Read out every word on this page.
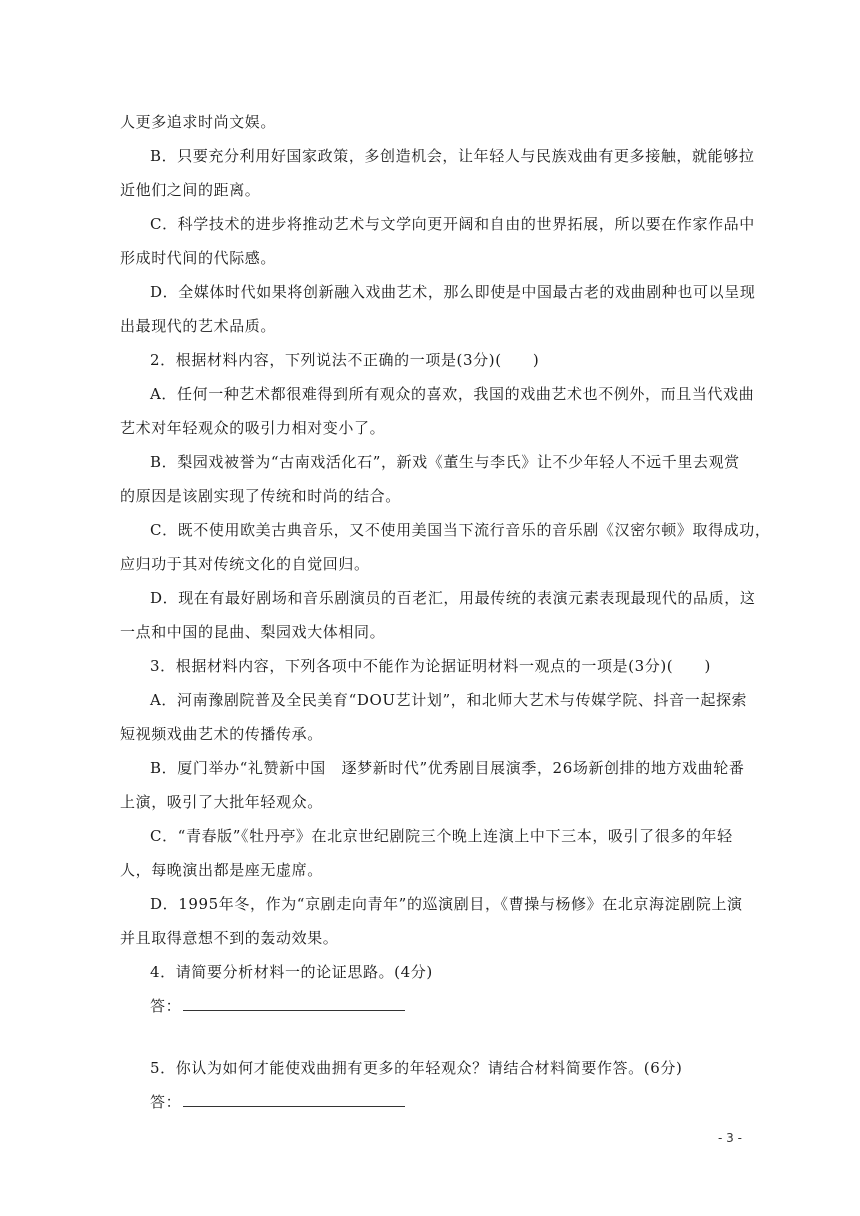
人更多追求时尚文娱。
B．只要充分利用好国家政策，多创造机会，让年轻人与民族戏曲有更多接触，就能够拉
近他们之间的距离。
C．科学技术的进步将推动艺术与文学向更开阔和自由的世界拓展，所以要在作家作品中
形成时代间的代际感。
D．全媒体时代如果将创新融入戏曲艺术，那么即使是中国最古老的戏曲剧种也可以呈现
出最现代的艺术品质。
2．根据材料内容，下列说法不正确的一项是(3分)(　　)
A．任何一种艺术都很难得到所有观众的喜欢，我国的戏曲艺术也不例外，而且当代戏曲
艺术对年轻观众的吸引力相对变小了。
B．梨园戏被誉为“古南戏活化石”，新戏《董生与李氏》让不少年轻人不远千里去观赏
的原因是该剧实现了传统和时尚的结合。
C．既不使用欧美古典音乐，又不使用美国当下流行音乐的音乐剧《汉密尔顿》取得成功，
应归功于其对传统文化的自觉回归。
D．现在有最好剧场和音乐剧演员的百老汇，用最传统的表演元素表现最现代的品质，这
一点和中国的昆曲、梨园戏大体相同。
3．根据材料内容，下列各项中不能作为论据证明材料一观点的一项是(3分)(　　)
A．河南豫剧院普及全民美育“DOU艺计划”，和北师大艺术与传媒学院、抖音一起探索
短视频戏曲艺术的传播传承。
B．厦门举办“礼赞新中国　逐梦新时代”优秀剧目展演季，26场新创排的地方戏曲轮番
上演，吸引了大批年轻观众。
C．“青春版”《牡丹亭》在北京世纪剧院三个晚上连演上中下三本，吸引了很多的年轻
人，每晚演出都是座无虚席。
D．1995年冬，作为“京剧走向青年”的巡演剧目，《曹操与杨修》在北京海淀剧院上演
并且取得意想不到的轰动效果。
4．请简要分析材料一的论证思路。(4分)
答：
5．你认为如何才能使戏曲拥有更多的年轻观众？请结合材料简要作答。(6分)
答：
- 3 -
